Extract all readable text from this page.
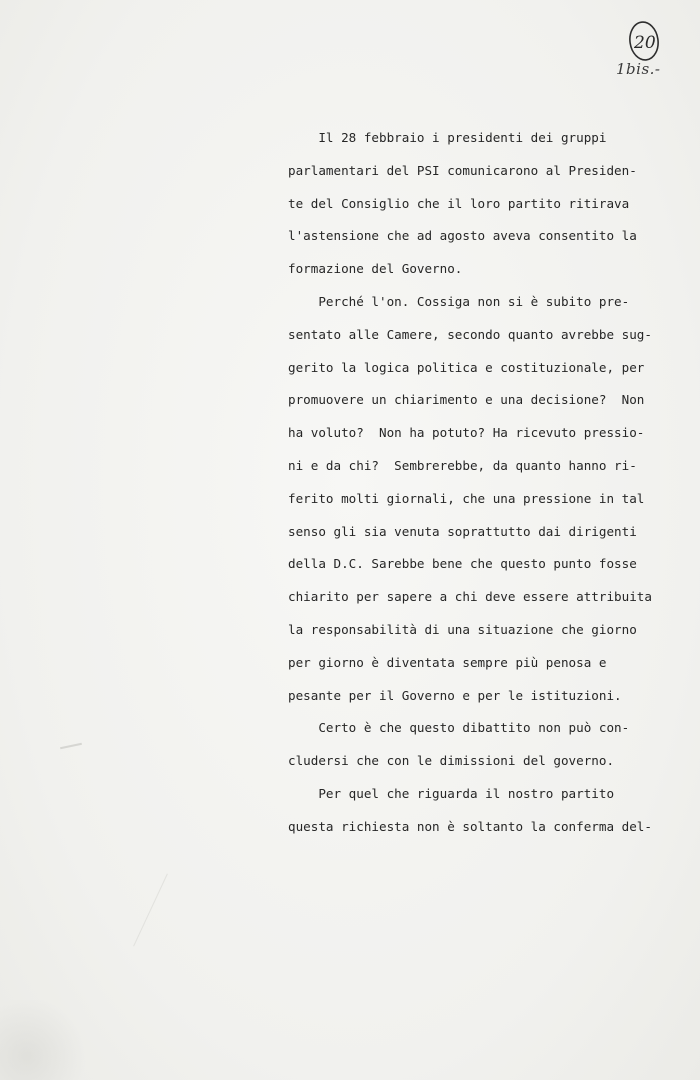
20
1bis.-
Il 28 febbraio i presidenti dei gruppi
parlamentari del PSI comunicarono al Presiden-
te del Consiglio che il loro partito ritirava
l'astensione che ad agosto aveva consentito la
formazione del Governo.
Perché l'on. Cossiga non si è subito pre-
sentato alle Camere, secondo quanto avrebbe sug-
gerito la logica politica e costituzionale, per
promuovere un chiarimento e una decisione?  Non
ha voluto?  Non ha potuto? Ha ricevuto pressio-
ni e da chi?  Sembrerebbe, da quanto hanno ri-
ferito molti giornali, che una pressione in tal
senso gli sia venuta soprattutto dai dirigenti
della D.C. Sarebbe bene che questo punto fosse
chiarito per sapere a chi deve essere attribuita
la responsabilità di una situazione che giorno
per giorno è diventata sempre più penosa e
pesante per il Governo e per le istituzioni.
Certo è che questo dibattito non può con-
cludersi che con le dimissioni del governo.
Per quel che riguarda il nostro partito
questa richiesta non è soltanto la conferma del-
